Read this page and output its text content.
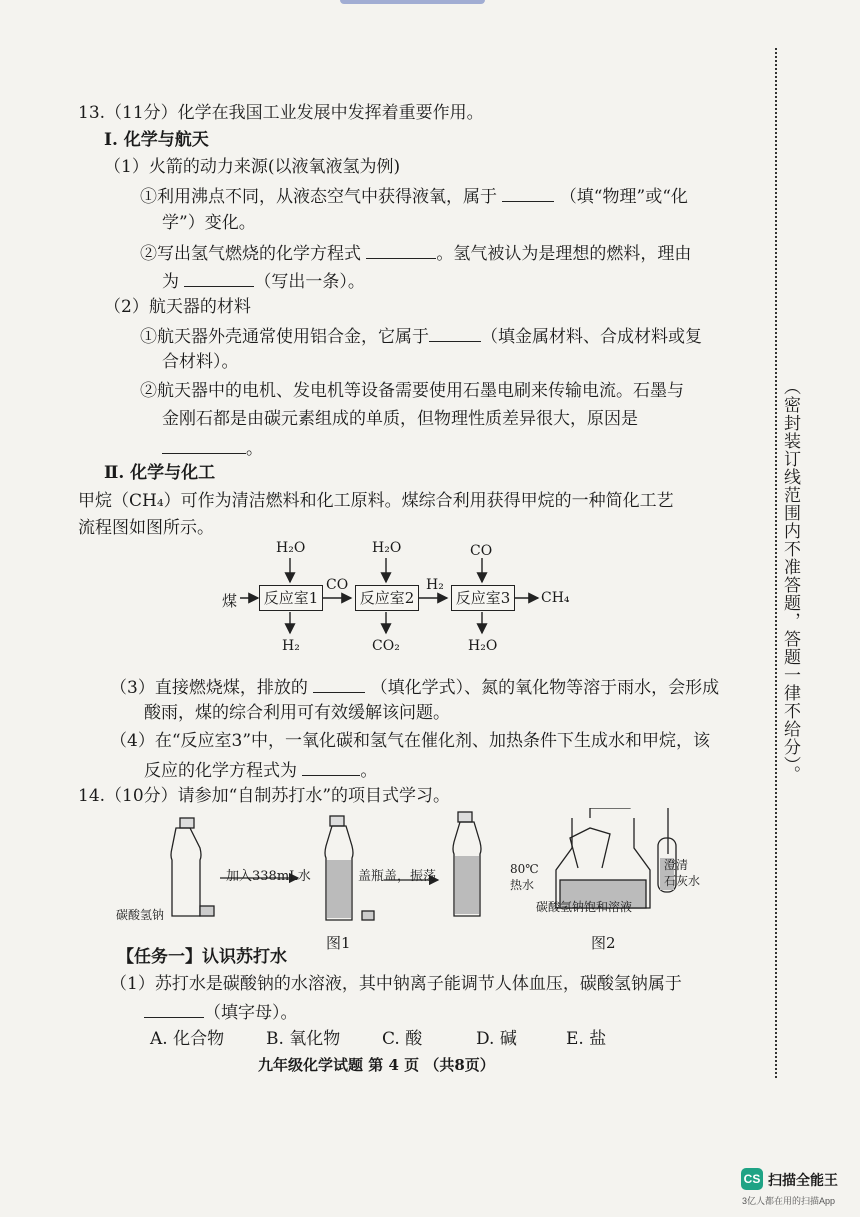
（密封装订线范围内不准答题，答题一律不给分）。
13.（11分）化学在我国工业发展中发挥着重要作用。
Ⅰ. 化学与航天
（1）火箭的动力来源(以液氧液氢为例)
①利用沸点不同，从液态空气中获得液氧，属于	（填“物理”或“化
学”）变化。
②写出氢气燃烧的化学方程式	。氢气被认为是理想的燃料，理由
为	（写出一条）。
（2）航天器的材料
①航天器外壳通常使用铝合金，它属于	（填金属材料、合成材料或复
合材料）。
②航天器中的电机、发电机等设备需要使用石墨电刷来传输电流。石墨与
金刚石都是由碳元素组成的单质，但物理性质差异很大，原因是
。
Ⅱ. 化学与化工
甲烷（CH₄）可作为清洁燃料和化工原料。煤综合利用获得甲烷的一种简化工艺
流程图如图所示。
煤	反应室1	反应室2	反应室3
H₂O	H₂O	CO
CO	H₂
CH₄
H₂	CO₂	H₂O
（3）直接燃烧煤，排放的	（填化学式）、氮的氧化物等溶于雨水，会形成
酸雨，煤的综合利用可有效缓解该问题。
（4）在“反应室3”中，一氧化碳和氢气在催化剂、加热条件下生成水和甲烷，该
反应的化学方程式为	。
14.（10分）请参加“自制苏打水”的项目式学习。
加入338mL水	盖瓶盖，振荡
碳酸氢钠
图1
80℃
热水
碳酸氢钠饱和溶液
澄清
石灰水
图2
【任务一】认识苏打水
（1）苏打水是碳酸钠的水溶液，其中钠离子能调节人体血压，碳酸氢钠属于
（填字母）。
A. 化合物 B. 氧化物 C. 酸	D. 碱	E. 盐
九年级化学试题 第 4 页 （共8页）
CS 扫描全能王
3亿人都在用的扫描App
